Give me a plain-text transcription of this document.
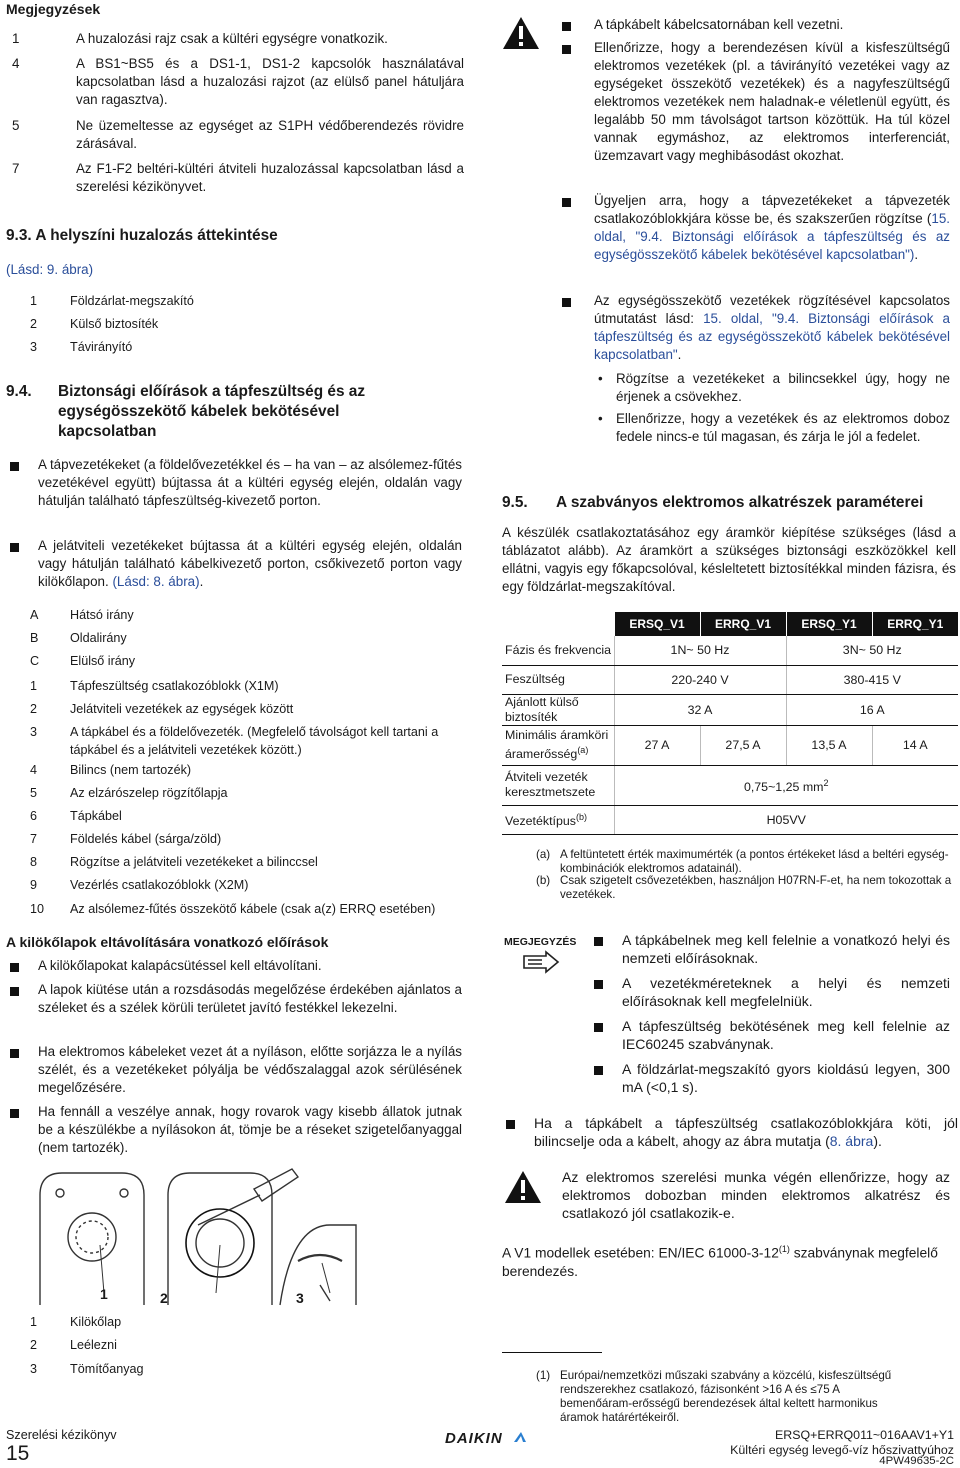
Megjegyzések
1	A huzalozási rajz csak a kültéri egységre vonatkozik.
4	A BS1~BS5 és a DS1-1, DS1-2 kapcsolók használatával kapcsolatban lásd a huzalozási rajzot (az elülső panel hátuljára van ragasztva).
5	Ne üzemeltesse az egységet az S1PH védőberendezés rövidre zárásával.
7	Az F1-F2 beltéri-kültéri átviteli huzalozással kapcsolatban lásd a szerelési kézikönyvet.
9.3. A helyszíni huzalozás áttekintése
(Lásd: 9. ábra)
1	Földzárlat-megszakító
2	Külső biztosíték
3	Távirányító
9.4. Biztonsági előírások a tápfeszültség és az egységösszekötő kábelek bekötésével kapcsolatban
A tápvezetékeket (a földelővezetékkel és – ha van – az alsólemez-fűtés vezetékével együtt) bújtassa át a kültéri egység elején, oldalán vagy hátulján található tápfeszültség-kivezető porton.
A jelátviteli vezetékeket bújtassa át a kültéri egység elején, oldalán vagy hátulján található kábelkivezető porton, csőkivezető porton vagy kilökőlapon. (Lásd: 8. ábra).
A	Hátsó irány
B	Oldalirány
C	Elülső irány
1	Tápfeszültség csatlakozóblokk (X1M)
2	Jelátviteli vezetékek az egységek között
3	A tápkábel és a földelővezeték. (Megfelelő távolságot kell tartani a tápkábel és a jelátviteli vezetékek között.)
4	Bilincs (nem tartozék)
5	Az elzárószelep rögzítőlapja
6	Tápkábel
7	Földelés kábel (sárga/zöld)
8	Rögzítse a jelátviteli vezetékeket a bilinccsel
9	Vezérlés csatlakozóblokk (X2M)
10	Az alsólemez-fűtés összekötő kábele (csak a(z) ERRQ esetében)
A kilökőlapok eltávolítására vonatkozó előírások
A kilökőlapokat kalapácsütéssel kell eltávolítani.
A lapok kiütése után a rozsdásodás megelőzése érdekében ajánlatos a széleket és a szélek körüli területet javító festékkel lekezelni.
Ha elektromos kábeleket vezet át a nyíláson, előtte sorjázza le a nyílás szélét, és a vezetékeket pólyálja be védőszalaggal azok sérülésének megelőzésére.
Ha fennáll a veszélye annak, hogy rovarok vagy kisebb állatok jutnak be a készülékbe a nyílásokon át, tömje be a réseket szigetelőanyaggal (nem tartozék).
1	2	3
1	Kilökőlap
2	Leélezni
3	Tömítőanyag
A tápkábelt kábelcsatornában kell vezetni.
Ellenőrizze, hogy a berendezésen kívül a kisfeszültségű elektromos vezetékek (pl. a távirányító vezetékei vagy az egységeket összekötő vezetékek) és a nagyfeszültségű elektromos vezetékek nem haladnak-e véletlenül együtt, és legalább 50 mm távolságot tartson közöttük. Ha túl közel vannak egymáshoz, az elektromos interferenciát, üzemzavart vagy meghibásodást okozhat.
Ügyeljen arra, hogy a tápvezetékeket a tápvezeték csatlakozóblokkjára kösse be, és szakszerűen rögzítse (15. oldal, "9.4. Biztonsági előírások a tápfeszültség és az egységösszekötő kábelek bekötésével kapcsolatban").
Az egységösszekötő vezetékek rögzítésével kapcsolatos útmutatást lásd: 15. oldal, "9.4. Biztonsági előírások a tápfeszültség és az egységösszekötő kábelek bekötésével kapcsolatban".
• Rögzítse a vezetékeket a bilincsekkel úgy, hogy ne érjenek a csövekhez.
• Ellenőrizze, hogy a vezetékek és az elektromos doboz fedele nincs-e túl magasan, és zárja le jól a fedelet.
9.5. A szabványos elektromos alkatrészek paraméterei
A készülék csatlakoztatásához egy áramkör kiépítése szükséges (lásd a táblázatot alább). Az áramkört a szükséges biztonsági eszközökkel kell ellátni, vagyis egy főkapcsolóval, késleltetett biztosítékkal minden fázisra, és egy földzárlat-megszakítóval.
	ERSQ_V1	ERRQ_V1	ERSQ_Y1	ERRQ_Y1
Fázis és frekvencia	1N~ 50 Hz		3N~ 50 Hz	
Feszültség	220-240 V		380-415 V	
Ajánlott külső biztosíték	32 A		16 A	
Minimális áramköri áramerősség$^{(a)}$	27 A	27,5 A	13,5 A	14 A
Átviteli vezeték keresztmetszete	0,75~1,25 $mm^2$
Vezetéktípus$^{(b)}$	H05VV			
(a) A feltüntetett érték maximumérték (a pontos értékeket lásd a beltéri egység-kombinációk elektromos adatainál).
(b) Csak szigetelt csővezetékben, használjon H07RN-F-et, ha nem tokozottak a vezetékek.
MEGJEGYZÉS	A tápkábelnek meg kell felelnie a vonatkozó helyi és nemzeti előírásoknak.
A vezetékméreteknek a helyi és nemzeti előírásoknak kell megfelelniük.
A tápfeszültség bekötésének meg kell felelnie az IEC60245 szabványnak.
A földzárlat-megszakító gyors kioldású legyen, 300 mA (<0,1 s).
Ha a tápkábelt a tápfeszültség csatlakozóblokkjára köti, jól bilincselje oda a kábelt, ahogy az ábra mutatja (8. ábra).
Az elektromos szerelési munka végén ellenőrizze, hogy az elektromos dobozban minden elektromos alkatrész és csatlakozó jól csatlakozik-e.
A V1 modellek esetében: EN/IEC 61000-3-12$^{(1)}$ szabványnak megfelelő berendezés.
(1) Európai/nemzetközi műszaki szabvány a közcélú, kisfeszültségű rendszerekhez csatlakozó, fázisonként >16 A és ≤75 A bemenőáram-erősségű berendezések által keltett harmonikus áramok határértékeiről.
Szerelési kézikönyv
15
DAIKIN	ERSQ+ERRQ011~016AAV1+Y1
Kültéri egység levegő-víz hőszivattyúhoz
4PW49635-2C
